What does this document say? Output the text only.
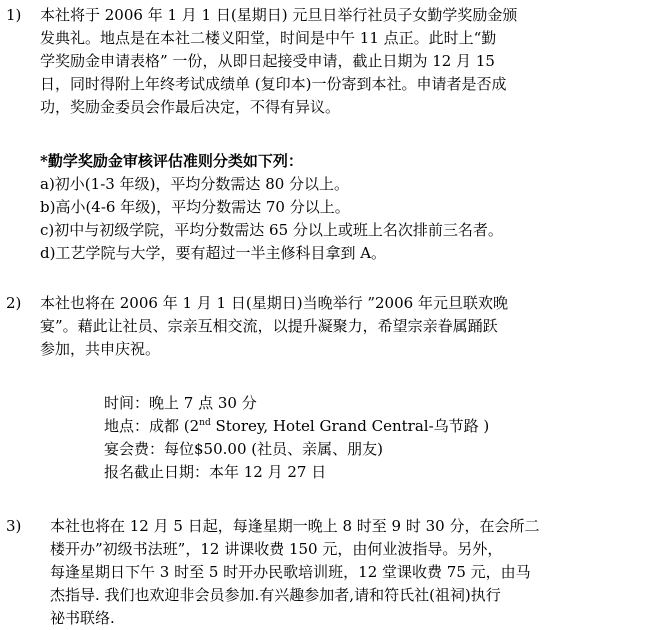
1) 本社将于 2006 年 1 月 1 日(星期日) 元旦日举行社员子女勤学奖励金颁
发典礼。地点是在本社二楼义阳堂，时间是中午 11 点正。此时上“勤
学奖励金申请表格” 一份，从即日起接受申请，截止日期为 12 月 15
日，同时得附上年终考试成绩单 (复印本)一份寄到本社。申请者是否成
功，奖励金委员会作最后决定，不得有异议。
*勤学奖励金审核评估准则分类如下列：
a)初小(1-3 年级)，平均分数需达 80 分以上。
b)高小(4-6 年级)，平均分数需达 70 分以上。
c)初中与初级学院，平均分数需达 65 分以上或班上名次排前三名者。
d)工艺学院与大学，要有超过一半主修科目拿到 A。
2) 本社也将在 2006 年 1 月 1 日(星期日)当晚举行 ”2006 年元旦联欢晚
宴”。藉此让社员、宗亲互相交流，以提升凝聚力，希望宗亲眷属踊跃
参加，共申庆祝。
时间：晚上 7 点 30 分
地点：成都 (2nd Storey, Hotel Grand Central-乌节路 )
宴会费：每位$50.00 (社员、亲属、朋友)
报名截止日期：本年 12 月 27 日
3) 本社也将在 12 月 5 日起，每逢星期一晚上 8 时至 9 时 30 分，在会所二
楼开办”初级书法班”，12 讲课收费 150 元，由何业波指导。另外，
每逢星期日下午 3 时至 5 时开办民歌培训班，12 堂课收费 75 元，由马
杰指导. 我们也欢迎非会员参加.有兴趣参加者,请和符氏社(祖祠)执行
祕书联络.
